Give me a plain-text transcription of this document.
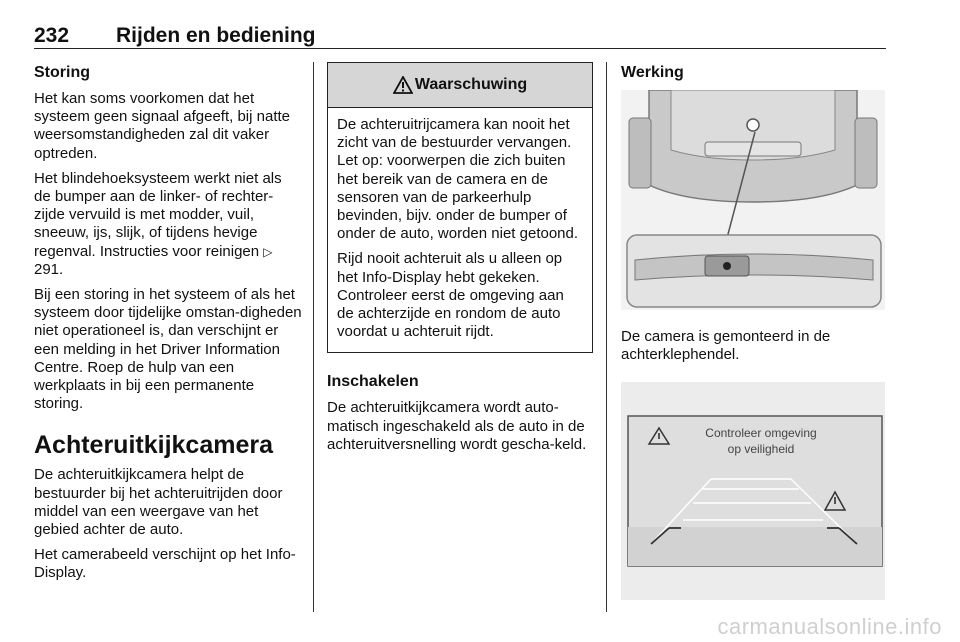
232 Rijden en bediening
Storing

Het kan soms voorkomen dat het systeem geen signaal afgeeft, bij natte weersomstandigheden zal dit vaker optreden.

Het blindehoeksysteem werkt niet als de bumper aan de linker- of rechter-zijde vervuild is met modder, vuil, sneeuw, ijs, slijk, of tijdens hevige regenval. Instructies voor reinigen ▷ 291.

Bij een storing in het systeem of als het systeem door tijdelijke omstan-digheden niet operationeel is, dan verschijnt er een melding in het Driver Information Centre. Roep de hulp van een werkplaats in bij een permanente storing.

Achteruitkijkcamera

De achteruitkijkcamera helpt de bestuurder bij het achteruitrijden door middel van een weergave van het gebied achter de auto.

Het camerabeeld verschijnt op het Info-Display.

Waarschuwing

De achteruitrijcamera kan nooit het zicht van de bestuurder vervangen. Let op: voorwerpen die zich buiten het bereik van de camera en de sensoren van de parkeerhulp bevinden, bijv. onder de bumper of onder de auto, worden niet getoond.

Rijd nooit achteruit als u alleen op het Info-Display hebt gekeken. Controleer eerst de omgeving aan de achterzijde en rondom de auto voordat u achteruit rijdt.

Inschakelen

De achteruitkijkcamera wordt auto-matisch ingeschakeld als de auto in de achteruitversnelling wordt gescha-keld.

Werking

De camera is gemonteerd in de achterklephendel.

Controleer omgeving
op veiligheid
carmanualsonline.info
